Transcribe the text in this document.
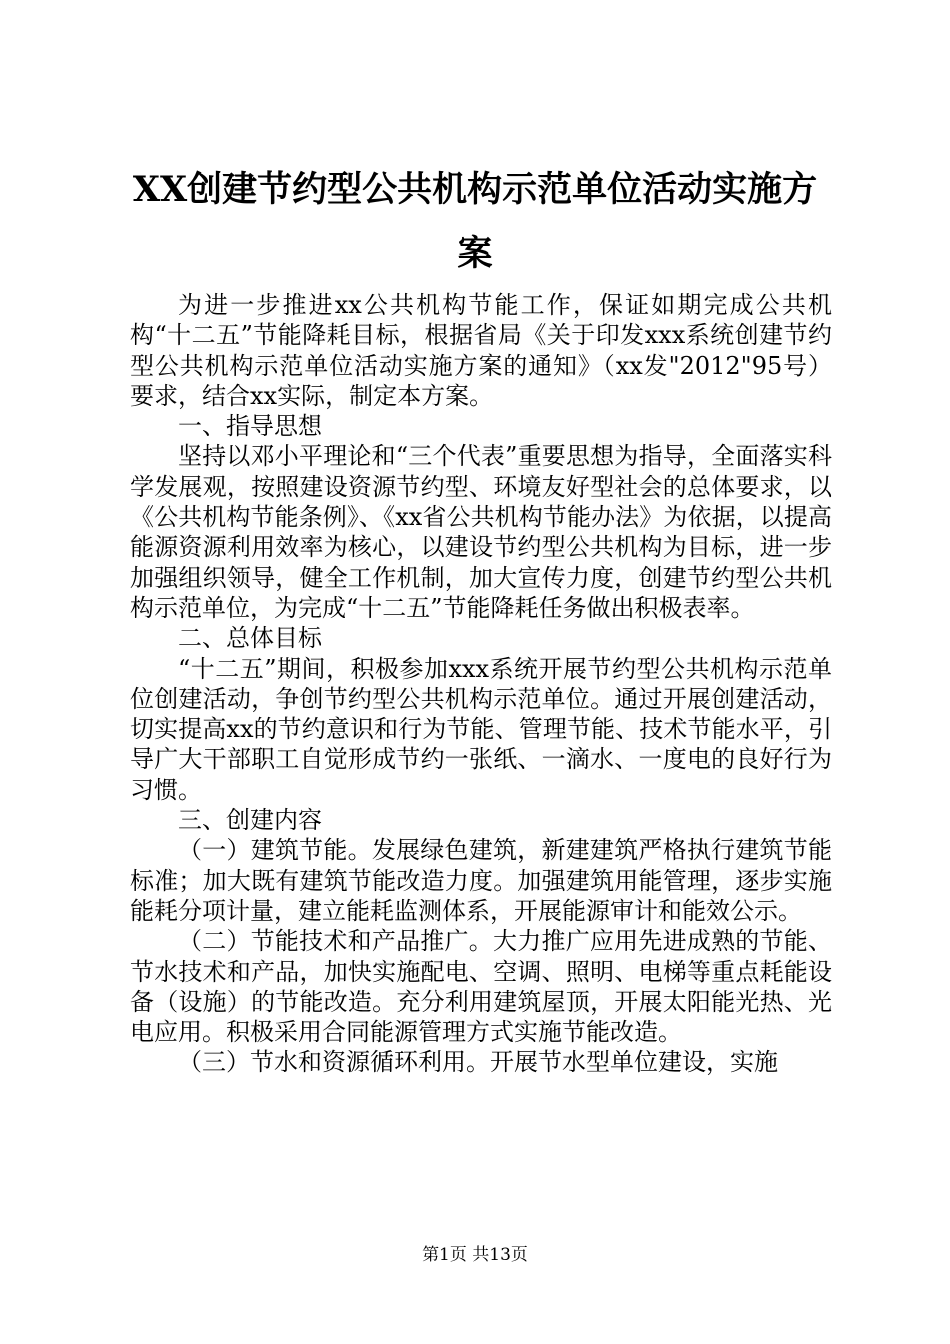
XX创建节约型公共机构示范单位活动实施方案

为进一步推进xx公共机构节能工作，保证如期完成公共机构“十二五”节能降耗目标，根据省局《关于印发xxx系统创建节约型公共机构示范单位活动实施方案的通知》（xx发"2012"95号）要求，结合xx实际，制定本方案。

一、指导思想

坚持以邓小平理论和“三个代表”重要思想为指导，全面落实科学发展观，按照建设资源节约型、环境友好型社会的总体要求，以《公共机构节能条例》、《xx省公共机构节能办法》为依据，以提高能源资源利用效率为核心，以建设节约型公共机构为目标，进一步加强组织领导，健全工作机制，加大宣传力度，创建节约型公共机构示范单位，为完成“十二五”节能降耗任务做出积极表率。

二、总体目标

“十二五”期间，积极参加xxx系统开展节约型公共机构示范单位创建活动，争创节约型公共机构示范单位。通过开展创建活动，切实提高xx的节约意识和行为节能、管理节能、技术节能水平，引导广大干部职工自觉形成节约一张纸、一滴水、一度电的良好行为习惯。

三、创建内容

（一）建筑节能。发展绿色建筑，新建建筑严格执行建筑节能标准；加大既有建筑节能改造力度。加强建筑用能管理，逐步实施能耗分项计量，建立能耗监测体系，开展能源审计和能效公示。

（二）节能技术和产品推广。大力推广应用先进成熟的节能、节水技术和产品，加快实施配电、空调、照明、电梯等重点耗能设备（设施）的节能改造。充分利用建筑屋顶，开展太阳能光热、光电应用。积极采用合同能源管理方式实施节能改造。

（三）节水和资源循环利用。开展节水型单位建设，实施

第1页 共13页
